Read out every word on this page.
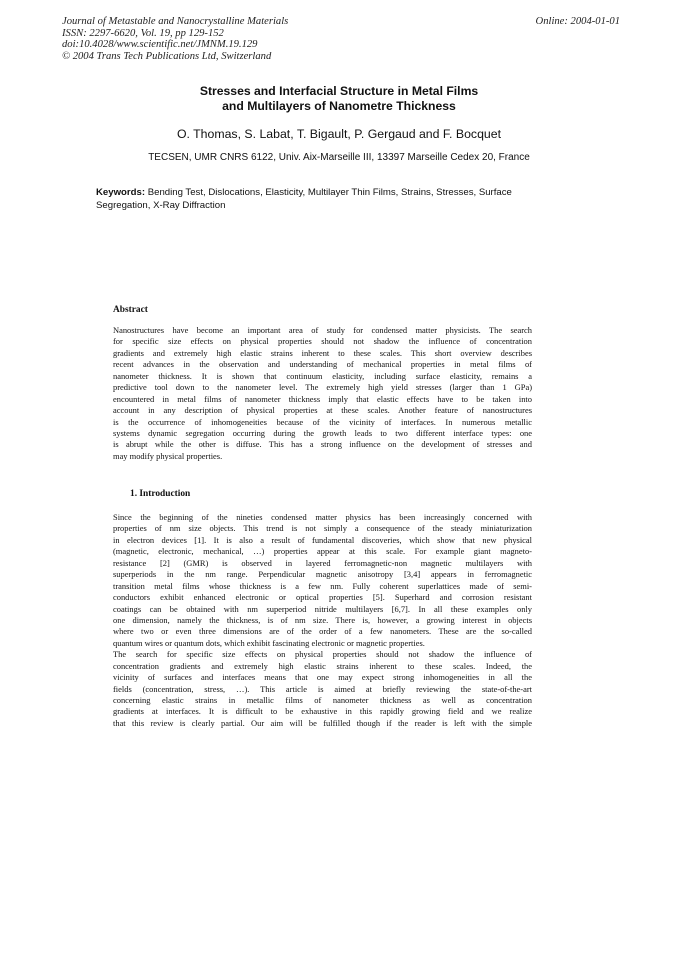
Journal of Metastable and Nanocrystalline Materials
ISSN: 2297-6620, Vol. 19, pp 129-152
doi:10.4028/www.scientific.net/JMNM.19.129
© 2004 Trans Tech Publications Ltd, Switzerland
Online: 2004-01-01
Stresses and Interfacial Structure in Metal Films
and Multilayers of Nanometre Thickness
O. Thomas, S. Labat, T. Bigault, P. Gergaud and F. Bocquet
TECSEN, UMR CNRS 6122, Univ. Aix-Marseille III, 13397 Marseille Cedex 20, France
Keywords: Bending Test, Dislocations, Elasticity, Multilayer Thin Films, Strains, Stresses, Surface
Segregation, X-Ray Diffraction
Abstract
Nanostructures have become an important area of study for condensed matter physicists. The search
for specific size effects on physical properties should not shadow the influence of concentration
gradients and extremely high elastic strains inherent to these scales. This short overview describes
recent advances in the observation and understanding of mechanical properties in metal films of
nanometer thickness. It is shown that continuum elasticity, including surface elasticity, remains a
predictive tool down to the nanometer level. The extremely high yield stresses (larger than 1 GPa)
encountered in metal films of nanometer thickness imply that elastic effects have to be taken into
account in any description of physical properties at these scales. Another feature of nanostructures
is the occurrence of inhomogeneities because of the vicinity of interfaces. In numerous metallic
systems dynamic segregation occurring during the growth leads to two different interface types: one
is abrupt while the other is diffuse. This has a strong influence on the development of stresses and
may modify physical properties.
1. Introduction
Since the beginning of the nineties condensed matter physics has been increasingly concerned with
properties of nm size objects. This trend is not simply a consequence of the steady miniaturization
in electron devices [1]. It is also a result of fundamental discoveries, which show that new physical
(magnetic, electronic, mechanical, …) properties appear at this scale. For example giant magneto-
resistance [2] (GMR) is observed in layered ferromagnetic-non magnetic multilayers with
superperiods in the nm range. Perpendicular magnetic anisotropy [3,4] appears in ferromagnetic
transition metal films whose thickness is a few nm. Fully coherent superlattices made of semi-
conductors exhibit enhanced electronic or optical properties [5]. Superhard and corrosion resistant
coatings can be obtained with nm superperiod nitride multilayers [6,7]. In all these examples only
one dimension, namely the thickness, is of nm size. There is, however, a growing interest in objects
where two or even three dimensions are of the order of a few nanometers. These are the so-called
quantum wires or quantum dots, which exhibit fascinating electronic or magnetic properties.
The search for specific size effects on physical properties should not shadow the influence of
concentration gradients and extremely high elastic strains inherent to these scales. Indeed, the
vicinity of surfaces and interfaces means that one may expect strong inhomogeneities in all the
fields (concentration, stress, …). This article is aimed at briefly reviewing the state-of-the-art
concerning elastic strains in metallic films of nanometer thickness as well as concentration
gradients at interfaces. It is difficult to be exhaustive in this rapidly growing field and we realize
that this review is clearly partial. Our aim will be fulfilled though if the reader is left with the simple
